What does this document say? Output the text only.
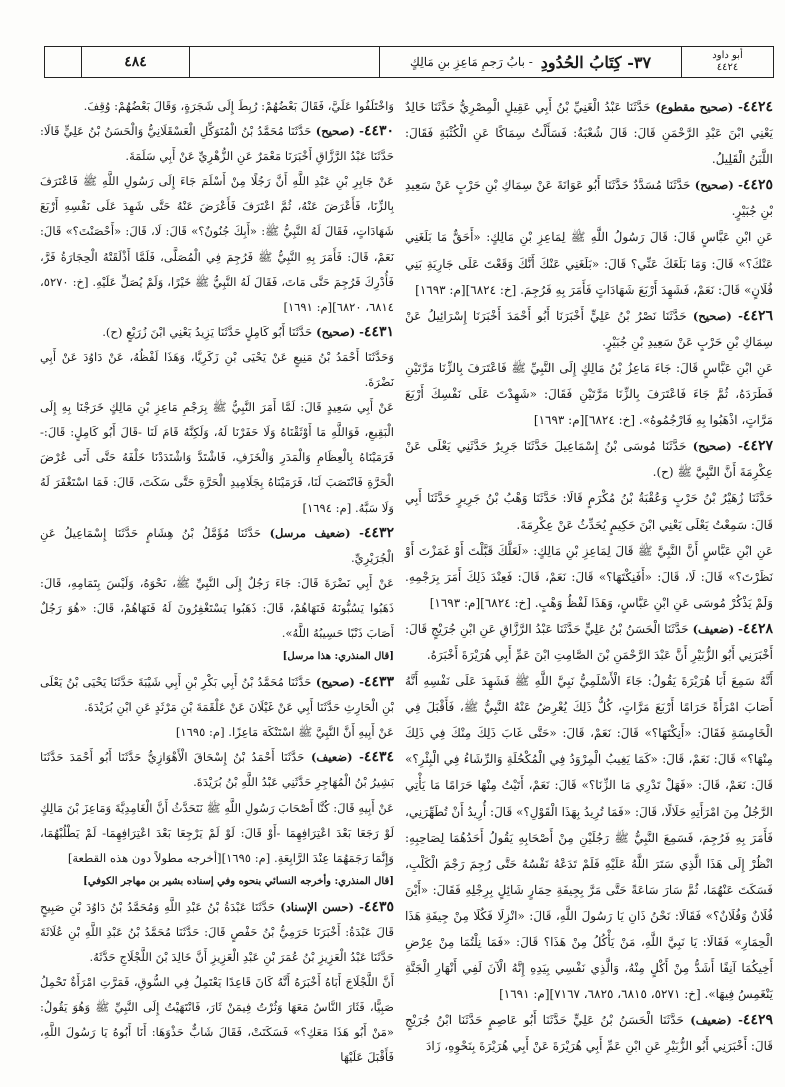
أبو داود
٤٤٢٤
٣٧- كِتَابُ الحُدُودِ
- بابُ رَجمِ مَاعِزِ بنِ مَالِكٍ
٤٨٤

٤٤٢٤- (صحيح مقطوع) حَدَّثَنَا عَبْدُ الْغَنِيِّ بْنُ أَبِي عَقِيلٍ الْمِصْرِيُّ حَدَّثَنَا خَالِدٌ يَعْنِي ابْنَ عَبْدِ الرَّحْمَنِ قَالَ: قَالَ شُعْبَةُ: فَسَأَلْتُ سِمَاكًا عَنِ الْكُثْبَةِ فَقَالَ: اللَّبَنُ الْقَلِيلُ.

٤٤٢٥- (صحيح) حَدَّثَنَا مُسَدَّدٌ حَدَّثَنَا أَبُو عَوَانَةَ عَنْ سِمَاكِ بْنِ حَرْبٍ عَنْ سَعِيدِ بْنِ جُبَيْرٍ.

عَنِ ابْنِ عَبَّاسٍ قَالَ: قَالَ رَسُولُ اللَّهِ ﷺ لِمَاعِزِ بْنِ مَالِكٍ: «أَحَقٌّ مَا بَلَغَنِي عَنْكَ؟» قَالَ: وَمَا بَلَغَكَ عَنِّي؟ قَالَ: «بَلَغَنِي عَنْكَ أَنَّكَ وَقَعْتَ عَلَى جَارِيَةِ بَنِي فُلَانٍ» قَالَ: نَعَمْ، فَشَهِدَ أَرْبَعَ شَهَادَاتٍ فَأَمَرَ بِهِ فَرُجِمَ. [خ: ٦٨٢٤][م: ١٦٩٣]

٤٤٢٦- (صحيح) حَدَّثَنَا نَصْرُ بْنُ عَلِيٍّ أَخْبَرَنَا أَبُو أَحْمَدَ أَخْبَرَنَا إِسْرَائِيلُ عَنْ سِمَاكِ بْنِ حَرْبٍ عَنْ سَعِيدِ بْنِ جُبَيْرٍ.

عَنِ ابْنِ عَبَّاسٍ قَالَ: جَاءَ مَاعِزُ بْنُ مَالِكٍ إِلَى النَّبِيِّ ﷺ فَاعْتَرَفَ بِالزِّنَا مَرَّتَيْنِ فَطَرَدَهُ، ثُمَّ جَاءَ فَاعْتَرَفَ بِالزِّنَا مَرَّتَيْنِ فَقَالَ: «شَهِدْتَ عَلَى نَفْسِكَ أَرْبَعَ مَرَّاتٍ، اذْهَبُوا بِهِ فَارْجُمُوهُ». [خ: ٦٨٢٤][م: ١٦٩٣]

٤٤٢٧- (صحيح) حَدَّثَنَا مُوسَى بْنُ إِسْمَاعِيلَ حَدَّثَنَا جَرِيرٌ حَدَّثَنِي يَعْلَى عَنْ عِكْرِمَةَ أَنَّ النَّبِيَّ ﷺ (ح).

حَدَّثَنَا زُهَيْرُ بْنُ حَرْبٍ وَعُقْبَةُ بْنُ مُكْرَمٍ قَالَا: حَدَّثَنَا وَهْبُ بْنُ جَرِيرٍ حَدَّثَنَا أَبِي قَالَ: سَمِعْتُ يَعْلَى يَعْنِي ابْنَ حَكِيمٍ يُحَدِّثُ عَنْ عِكْرِمَةَ.

عَنِ ابْنِ عَبَّاسٍ أَنَّ النَّبِيَّ ﷺ قَالَ لِمَاعِزِ بْنِ مَالِكٍ: «لَعَلَّكَ قَبَّلْتَ أَوْ غَمَزْتَ أَوْ نَظَرْتَ؟» قَالَ: لَا، قَالَ: «أَفَنِكْتَهَا؟» قَالَ: نَعَمْ، قَالَ: فَعِنْدَ ذَلِكَ أَمَرَ بِرَجْمِهِ. وَلَمْ يَذْكُرْ مُوسَى عَنِ ابْنِ عَبَّاسٍ، وَهَذَا لَفْظُ وَهْبٍ. [خ: ٦٨٢٤][م: ١٦٩٣]

٤٤٢٨- (ضعيف) حَدَّثَنَا الْحَسَنُ بْنُ عَلِيٍّ حَدَّثَنَا عَبْدُ الرَّزَّاقِ عَنِ ابْنِ جُرَيْجٍ قَالَ: أَخْبَرَنِي أَبُو الزُّبَيْرِ أَنَّ عَبْدَ الرَّحْمَنِ بْنَ الصَّامِتِ ابْنَ عَمِّ أَبِي هُرَيْرَةَ أَخْبَرَهُ.

أَنَّهُ سَمِعَ أَبَا هُرَيْرَةَ يَقُولُ: جَاءَ الْأَسْلَمِيُّ نَبِيَّ اللَّهِ ﷺ فَشَهِدَ عَلَى نَفْسِهِ أَنَّهُ أَصَابَ امْرَأَةً حَرَامًا أَرْبَعَ مَرَّاتٍ، كُلُّ ذَلِكَ يُعْرِضُ عَنْهُ النَّبِيُّ ﷺ، فَأَقْبَلَ فِي الْخَامِسَةِ فَقَالَ: «أَنِكْتَهَا؟» قَالَ: نَعَمْ، قَالَ: «حَتَّى غَابَ ذَلِكَ مِنْكَ فِي ذَلِكَ مِنْهَا؟» قَالَ: نَعَمْ، قَالَ: «كَمَا يَغِيبُ الْمِرْوَدُ فِي الْمُكْحُلَةِ وَالرِّشَاءُ فِي الْبِئْرِ؟» قَالَ: نَعَمْ، قَالَ: «فَهَلْ تَدْرِي مَا الزِّنَا؟» قَالَ: نَعَمْ، أَتَيْتُ مِنْهَا حَرَامًا مَا يَأْتِي الرَّجُلُ مِنَ امْرَأَتِهِ حَلَالًا، قَالَ: «فَمَا تُرِيدُ بِهَذَا الْقَوْلِ؟» قَالَ: أُرِيدُ أَنْ تُطَهِّرَنِي، فَأَمَرَ بِهِ فَرُجِمَ، فَسَمِعَ النَّبِيُّ ﷺ رَجُلَيْنِ مِنْ أَصْحَابِهِ يَقُولُ أَحَدُهُمَا لِصَاحِبِهِ: انْظُرْ إِلَى هَذَا الَّذِي سَتَرَ اللَّهُ عَلَيْهِ فَلَمْ تَدَعْهُ نَفْسُهُ حَتَّى رُجِمَ رَجْمَ الْكَلْبِ، فَسَكَتَ عَنْهُمَا، ثُمَّ سَارَ سَاعَةً حَتَّى مَرَّ بِجِيفَةِ حِمَارٍ شَائِلٍ بِرِجْلِهِ فَقَالَ: «أَيْنَ فُلَانٌ وَفُلَانٌ؟» فَقَالَا: نَحْنُ ذَانِ يَا رَسُولَ اللَّهِ، قَالَ: «انْزِلَا فَكُلَا مِنْ جِيفَةِ هَذَا الْحِمَارِ» فَقَالَا: يَا نَبِيَّ اللَّهِ، مَنْ يَأْكُلُ مِنْ هَذَا؟ قَالَ: «فَمَا نِلْتُمَا مِنْ عِرْضِ أَخِيكُمَا آنِفًا أَشَدُّ مِنْ أَكْلٍ مِنْهُ، وَالَّذِي نَفْسِي بِيَدِهِ إِنَّهُ الْآنَ لَفِي أَنْهَارِ الْجَنَّةِ يَنْغَمِسُ فِيهَا». [خ: ٥٢٧١، ٦٨١٥، ٦٨٢٥، ٧١٦٧][م: ١٦٩١]

٤٤٢٩- (ضعيف) حَدَّثَنَا الْحَسَنُ بْنُ عَلِيٍّ حَدَّثَنَا أَبُو عَاصِمٍ حَدَّثَنَا ابْنُ جُرَيْجٍ قَالَ: أَخْبَرَنِي أَبُو الزُّبَيْرِ عَنِ ابْنِ عَمِّ أَبِي هُرَيْرَةَ عَنْ أَبِي هُرَيْرَةَ بِنَحْوِهِ، زَادَ

وَاخْتَلَفُوا عَلَيَّ، فَقَالَ بَعْضُهُمْ: رُبِطَ إِلَى شَجَرَةٍ، وَقَالَ بَعْضُهُمْ: وُقِفَ.

٤٤٣٠- (صحيح) حَدَّثَنَا مُحَمَّدُ بْنُ الْمُتَوَكِّلِ الْعَسْقَلَانِيُّ وَالْحَسَنُ بْنُ عَلِيٍّ قَالَا: حَدَّثَنَا عَبْدُ الرَّزَّاقِ أَخْبَرَنَا مَعْمَرٌ عَنِ الزُّهْرِيِّ عَنْ أَبِي سَلَمَةَ.

عَنْ جَابِرِ بْنِ عَبْدِ اللَّهِ أَنَّ رَجُلًا مِنْ أَسْلَمَ جَاءَ إِلَى رَسُولِ اللَّهِ ﷺ فَاعْتَرَفَ بِالزِّنَا، فَأَعْرَضَ عَنْهُ، ثُمَّ اعْتَرَفَ فَأَعْرَضَ عَنْهُ حَتَّى شَهِدَ عَلَى نَفْسِهِ أَرْبَعَ شَهَادَاتٍ، فَقَالَ لَهُ النَّبِيُّ ﷺ: «أَبِكَ جُنُونٌ؟» قَالَ: لَا، قَالَ: «أَحْصَنْتَ؟» قَالَ: نَعَمْ، قَالَ: فَأَمَرَ بِهِ النَّبِيُّ ﷺ فَرُجِمَ فِي الْمُصَلَّى، فَلَمَّا أَذْلَقَتْهُ الْحِجَارَةُ فَرَّ، فَأُدْرِكَ فَرُجِمَ حَتَّى مَاتَ، فَقَالَ لَهُ النَّبِيُّ ﷺ خَيْرًا، وَلَمْ يُصَلِّ عَلَيْهِ. [خ: ٥٢٧٠، ٦٨١٤، ٦٨٢٠][م: ١٦٩١]

٤٤٣١- (صحيح) حَدَّثَنَا أَبُو كَامِلٍ حَدَّثَنَا يَزِيدُ يَعْنِي ابْنَ زُرَيْعٍ (ح).

وَحَدَّثَنَا أَحْمَدُ بْنُ مَنِيعٍ عَنْ يَحْيَى بْنِ زَكَرِيَّا، وَهَذَا لَفْظُهُ، عَنْ دَاوُدَ عَنْ أَبِي نَضْرَةَ.

عَنْ أَبِي سَعِيدٍ قَالَ: لَمَّا أَمَرَ النَّبِيُّ ﷺ بِرَجْمِ مَاعِزِ بْنِ مَالِكٍ خَرَجْنَا بِهِ إِلَى الْبَقِيعِ، فَوَاللَّهِ مَا أَوْثَقْنَاهُ وَلَا حَفَرْنَا لَهُ، وَلَكِنَّهُ قَامَ لَنَا -قَالَ أَبُو كَامِلٍ: قَالَ:- فَرَمَيْنَاهُ بِالْعِظَامِ وَالْمَدَرِ وَالْخَزَفِ، فَاشْتَدَّ وَاشْتَدَدْنَا خَلْفَهُ حَتَّى أَتَى عُرْضَ الْحَرَّةِ فَانْتَصَبَ لَنَا، فَرَمَيْنَاهُ بِجَلَامِيدِ الْحَرَّةِ حَتَّى سَكَتَ، قَالَ: فَمَا اسْتَغْفَرَ لَهُ وَلَا سَبَّهُ. [م: ١٦٩٤]

٤٤٣٢- (ضعيف مرسل) حَدَّثَنَا مُؤَمَّلُ بْنُ هِشَامٍ حَدَّثَنَا إِسْمَاعِيلُ عَنِ الْجُرَيْرِيِّ.

عَنْ أَبِي نَضْرَةَ قَالَ: جَاءَ رَجُلٌ إِلَى النَّبِيِّ ﷺ، نَحْوَهُ، وَلَيْسَ بِتَمَامِهِ، قَالَ: ذَهَبُوا يَسُبُّونَهُ فَنَهَاهُمْ، قَالَ: ذَهَبُوا يَسْتَغْفِرُونَ لَهُ فَنَهَاهُمْ، قَالَ: «هُوَ رَجُلٌ أَصَابَ ذَنْبًا حَسِيبُهُ اللَّهُ».

[قال المنذري: هذا مرسل]

٤٤٣٣- (صحيح) حَدَّثَنَا مُحَمَّدُ بْنُ أَبِي بَكْرِ بْنِ أَبِي شَيْبَةَ حَدَّثَنَا يَحْيَى بْنُ يَعْلَى بْنِ الْحَارِثِ حَدَّثَنَا أَبِي عَنْ غَيْلَانَ عَنْ عَلْقَمَةَ بْنِ مَرْثَدٍ عَنِ ابْنِ بُرَيْدَةَ.

عَنْ أَبِيهِ أَنَّ النَّبِيَّ ﷺ اسْتَنْكَهَ مَاعِزًا. [م: ١٦٩٥]

٤٤٣٤- (ضعيف) حَدَّثَنَا أَحْمَدُ بْنُ إِسْحَاقَ الْأَهْوَازِيُّ حَدَّثَنَا أَبُو أَحْمَدَ حَدَّثَنَا بَشِيرُ بْنُ الْمُهَاجِرِ حَدَّثَنِي عَبْدُ اللَّهِ بْنُ بُرَيْدَةَ.

عَنْ أَبِيهِ قَالَ: كُنَّا أَصْحَابَ رَسُولِ اللَّهِ ﷺ نَتَحَدَّثُ أَنَّ الْغَامِدِيَّةَ وَمَاعِزَ بْنَ مَالِكٍ لَوْ رَجَعَا بَعْدَ اعْتِرَافِهِمَا -أَوْ قَالَ: لَوْ لَمْ يَرْجِعَا بَعْدَ اعْتِرَافِهِمَا- لَمْ يَطْلُبْهُمَا، وَإِنَّمَا رَجَمَهُمَا عِنْدَ الرَّابِعَةِ. [م: ١٦٩٥][أخرجه مطولاً دون هذه القطعة]

[قال المنذري: وأخرجه النسائي بنحوه وفي إسناده بشير بن مهاجر الكوفي]

٤٤٣٥- (حسن الإسناد) حَدَّثَنَا عَبْدَةُ بْنُ عَبْدِ اللَّهِ وَمُحَمَّدُ بْنُ دَاوُدَ بْنِ صَبِيحٍ قَالَ عَبْدَةُ: أَخْبَرَنَا حَرَمِيُّ بْنُ حَفْصٍ قَالَ: حَدَّثَنَا مُحَمَّدُ بْنُ عَبْدِ اللَّهِ بْنِ عُلَاثَةَ حَدَّثَنَا عَبْدُ الْعَزِيزِ بْنُ عُمَرَ بْنِ عَبْدِ الْعَزِيزِ أَنَّ خَالِدَ بْنَ اللَّجْلَاجِ حَدَّثَهُ.

أَنَّ اللَّجْلَاجَ أَبَاهُ أَخْبَرَهُ أَنَّهُ كَانَ قَاعِدًا يَعْتَمِلُ فِي السُّوقِ، فَمَرَّتِ امْرَأَةٌ تَحْمِلُ صَبِيًّا، فَثَارَ النَّاسُ مَعَهَا وَثُرْتُ فِيمَنْ ثَارَ، فَانْتَهَيْتُ إِلَى النَّبِيِّ ﷺ وَهُوَ يَقُولُ: «مَنْ أَبُو هَذَا مَعَكِ؟» فَسَكَتَتْ، فَقَالَ شَابٌّ حَذْوَهَا: أَنَا أَبُوهُ يَا رَسُولَ اللَّهِ، فَأَقْبَلَ عَلَيْهَا
